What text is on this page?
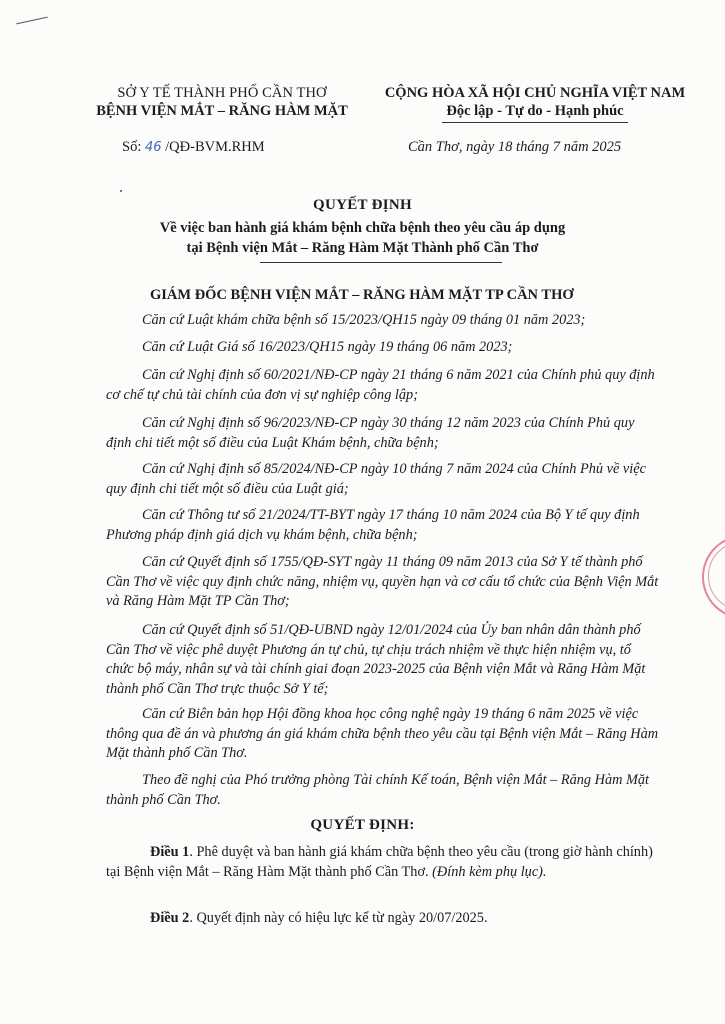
SỞ Y TẾ THÀNH PHỐ CẦN THƠ
BỆNH VIỆN MẮT – RĂNG HÀM MẶT
CỘNG HÒA XÃ HỘI CHỦ NGHĨA VIỆT NAM
Độc lập - Tự do - Hạnh phúc
Số: 46 /QĐ-BVM.RHM	Cần Thơ, ngày 18 tháng 7 năm 2025
QUYẾT ĐỊNH
Về việc ban hành giá khám bệnh chữa bệnh theo yêu cầu áp dụng
tại Bệnh viện Mắt – Răng Hàm Mặt Thành phố Cần Thơ
GIÁM ĐỐC BỆNH VIỆN MẮT – RĂNG HÀM MẶT TP CẦN THƠ
Căn cứ Luật khám chữa bệnh số 15/2023/QH15 ngày 09 tháng 01 năm 2023;
Căn cứ Luật Giá số 16/2023/QH15 ngày 19 tháng 06 năm 2023;
Căn cứ Nghị định số 60/2021/NĐ-CP ngày 21 tháng 6 năm 2021 của Chính phủ quy định cơ chế tự chủ tài chính của đơn vị sự nghiệp công lập;
Căn cứ Nghị định số 96/2023/NĐ-CP ngày 30 tháng 12 năm 2023 của Chính Phủ quy định chi tiết một số điều của Luật Khám bệnh, chữa bệnh;
Căn cứ Nghị định số 85/2024/NĐ-CP ngày 10 tháng 7 năm 2024 của Chính Phủ về việc quy định chi tiết một số điều của Luật giá;
Căn cứ Thông tư số 21/2024/TT-BYT ngày 17 tháng 10 năm 2024 của Bộ Y tế quy định Phương pháp định giá dịch vụ khám bệnh, chữa bệnh;
Căn cứ Quyết định số 1755/QĐ-SYT ngày 11 tháng 09 năm 2013 của Sở Y tế thành phố Cần Thơ về việc quy định chức năng, nhiệm vụ, quyền hạn và cơ cấu tổ chức của Bệnh Viện Mắt và Răng Hàm Mặt TP Cần Thơ;
Căn cứ Quyết định số 51/QĐ-UBND ngày 12/01/2024 của Ủy ban nhân dân thành phố Cần Thơ về việc phê duyệt Phương án tự chủ, tự chịu trách nhiệm về thực hiện nhiệm vụ, tổ chức bộ máy, nhân sự và tài chính giai đoạn 2023-2025 của Bệnh viện Mắt và Răng Hàm Mặt thành phố Cần Thơ trực thuộc Sở Y tế;
Căn cứ Biên bản họp Hội đồng khoa học công nghệ ngày 19 tháng 6 năm 2025 về việc thông qua đề án và phương án giá khám chữa bệnh theo yêu cầu tại Bệnh viện Mắt – Răng Hàm Mặt thành phố Cần Thơ.
Theo đề nghị của Phó trưởng phòng Tài chính Kế toán, Bệnh viện Mắt – Răng Hàm Mặt thành phố Cần Thơ.
QUYẾT ĐỊNH:
Điều 1. Phê duyệt và ban hành giá khám chữa bệnh theo yêu cầu (trong giờ hành chính) tại Bệnh viện Mắt – Răng Hàm Mặt thành phố Cần Thơ. (Đính kèm phụ lục).
Điều 2. Quyết định này có hiệu lực kể từ ngày 20/07/2025.
